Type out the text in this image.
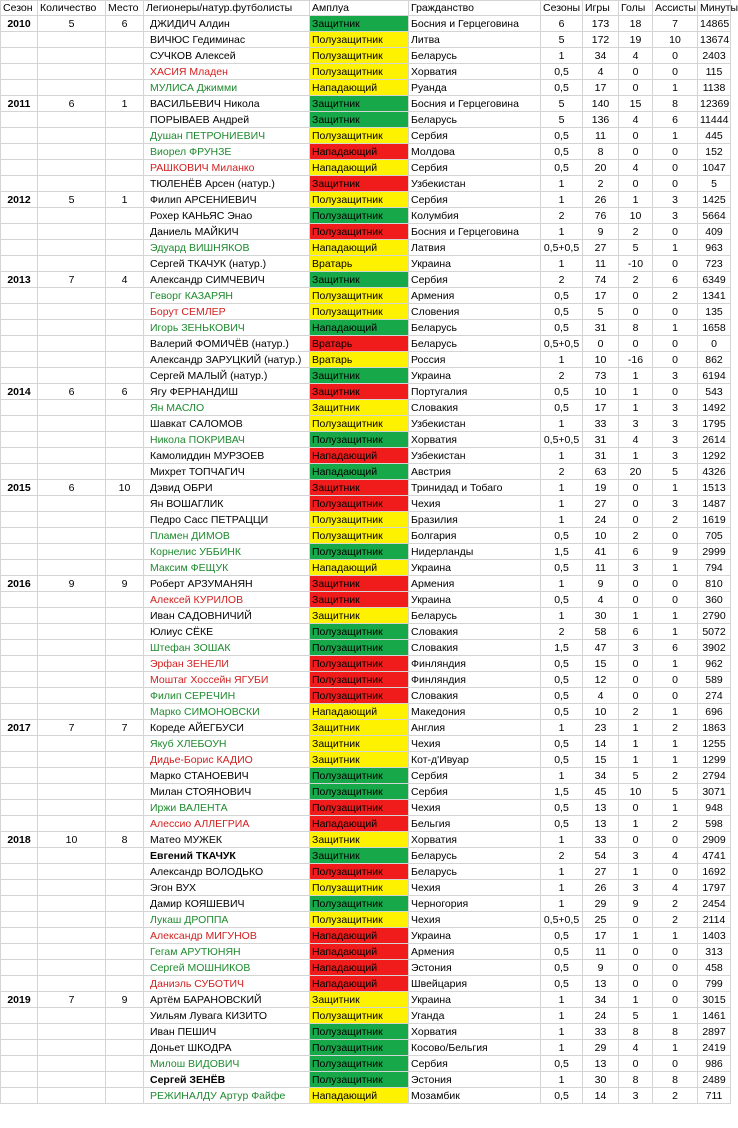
Сезон	Количество	Место	Легионеры/натур.футболисты	Амплуа	Гражданство	Сезоны	Игры	Голы	Ассисты	Минуты
2010	5	6	ДЖИДИЧ Алдин	Защитник	Босния и Герцеговина	6	173	18	7	14865
			ВИЧЮС Гедиминас	Полузащитник	Литва	5	172	19	10	13674
			СУЧКОВ Алексей	Полузащитник	Беларусь	1	34	4	0	2403
			ХАСИЯ Младен	Полузащитник	Хорватия	0,5	4	0	0	115
			МУЛИСА Джимми	Нападающий	Руанда	0,5	17	0	1	1138
2011	6	1	ВАСИЛЬЕВИЧ Никола	Защитник	Босния и Герцеговина	5	140	15	8	12369
			ПОРЫВАЕВ Андрей	Защитник	Беларусь	5	136	4	6	11444
			Душан ПЕТРОНИЕВИЧ	Полузащитник	Сербия	0,5	11	0	1	445
			Виорел ФРУНЗЕ	Нападающий	Молдова	0,5	8	0	0	152
			РАШКОВИЧ Миланко	Нападающий	Сербия	0,5	20	4	0	1047
			ТЮЛЕНЁВ Арсен (натур.)	Защитник	Узбекистан	1	2	0	0	5
2012	5	1	Филип АРСЕНИЕВИЧ	Полузащитник	Сербия	1	26	1	3	1425
			Рохер КАНЬЯС Энао	Полузащитник	Колумбия	2	76	10	3	5664
			Даниель МАЙКИЧ	Полузащитник	Босния и Герцеговина	1	9	2	0	409
			Эдуард ВИШНЯКОВ	Нападающий	Латвия	0,5+0,5	27	5	1	963
			Сергей ТКАЧУК (натур.)	Вратарь	Украина	1	11	-10	0	723
2013	7	4	Александр СИМЧЕВИЧ	Защитник	Сербия	2	74	2	6	6349
			Геворг КАЗАРЯН	Полузащитник	Армения	0,5	17	0	2	1341
			Борут СЕМЛЕР	Полузащитник	Словения	0,5	5	0	0	135
			Игорь ЗЕНЬКОВИЧ	Нападающий	Беларусь	0,5	31	8	1	1658
			Валерий ФОМИЧЁВ (натур.)	Вратарь	Беларусь	0,5+0,5	0	0	0	0
			Александр ЗАРУЦКИЙ (натур.)	Вратарь	Россия	1	10	-16	0	862
			Сергей МАЛЫЙ (натур.)	Защитник	Украина	2	73	1	3	6194
2014	6	6	Ягу ФЕРНАНДИШ	Защитник	Португалия	0,5	10	1	0	543
			Ян МАСЛО	Защитник	Словакия	0,5	17	1	3	1492
			Шавкат САЛОМОВ	Полузащитник	Узбекистан	1	33	3	3	1795
			Никола ПОКРИВАЧ	Полузащитник	Хорватия	0,5+0,5	31	4	3	2614
			Камолиддин МУРЗОЕВ	Нападающий	Узбекистан	1	31	1	3	1292
			Михрет ТОПЧАГИЧ	Нападающий	Австрия	2	63	20	5	4326
2015	6	10	Дэвид ОБРИ	Защитник	Тринидад и Тобаго	1	19	0	1	1513
			Ян ВОШАГЛИК	Полузащитник	Чехия	1	27	0	3	1487
			Педро Сасс ПЕТРАЦЦИ	Полузащитник	Бразилия	1	24	0	2	1619
			Пламен ДИМОВ	Полузащитник	Болгария	0,5	10	2	0	705
			Корнелис УББИНК	Полузащитник	Нидерланды	1,5	41	6	9	2999
			Максим ФЕЩУК	Нападающий	Украина	0,5	11	3	1	794
2016	9	9	Роберт АРЗУМАНЯН	Защитник	Армения	1	9	0	0	810
			Алексей КУРИЛОВ	Защитник	Украина	0,5	4	0	0	360
			Иван САДОВНИЧИЙ	Защитник	Беларусь	1	30	1	1	2790
			Юлиус СЁКЕ	Полузащитник	Словакия	2	58	6	1	5072
			Штефан ЗОШАК	Полузащитник	Словакия	1,5	47	3	6	3902
			Эрфан ЗЕНЕЛИ	Полузащитник	Финляндия	0,5	15	0	1	962
			Моштаг Хоссейн ЯГУБИ	Полузащитник	Финляндия	0,5	12	0	0	589
			Филип СЕРЕЧИН	Полузащитник	Словакия	0,5	4	0	0	274
			Марко СИМОНОВСКИ	Нападающий	Македония	0,5	10	2	1	696
2017	7	7	Кореде АЙЕГБУСИ	Защитник	Англия	1	23	1	2	1863
			Якуб ХЛЕБОУН	Защитник	Чехия	0,5	14	1	1	1255
			Дидье-Борис КАДИО	Защитник	Кот-д'Ивуар	0,5	15	1	1	1299
			Марко СТАНОЕВИЧ	Полузащитник	Сербия	1	34	5	2	2794
			Милан СТОЯНОВИЧ	Полузащитник	Сербия	1,5	45	10	5	3071
			Иржи ВАЛЕНТА	Полузащитник	Чехия	0,5	13	0	1	948
			Алессио АЛЛЕГРИА	Нападающий	Бельгия	0,5	13	1	2	598
2018	10	8	Матео МУЖЕК	Защитник	Хорватия	1	33	0	0	2909
			Евгений ТКАЧУК	Защитник	Беларусь	2	54	3	4	4741
			Александр ВОЛОДЬКО	Полузащитник	Беларусь	1	27	1	0	1692
			Эгон ВУХ	Полузащитник	Чехия	1	26	3	4	1797
			Дамир КОЯШЕВИЧ	Полузащитник	Черногория	1	29	9	2	2454
			Лукаш ДРОППА	Полузащитник	Чехия	0,5+0,5	25	0	2	2114
			Александр МИГУНОВ	Нападающий	Украина	0,5	17	1	1	1403
			Гегам АРУТЮНЯН	Нападающий	Армения	0,5	11	0	0	313
			Сергей МОШНИКОВ	Нападающий	Эстония	0,5	9	0	0	458
			Даниэль СУБОТИЧ	Нападающий	Швейцария	0,5	13	0	0	799
2019	7	9	Артём БАРАНОВСКИЙ	Защитник	Украина	1	34	1	0	3015
			Уильям Лувага КИЗИТО	Полузащитник	Уганда	1	24	5	1	1461
			Иван ПЕШИЧ	Полузащитник	Хорватия	1	33	8	8	2897
			Доньет ШКОДРА	Полузащитник	Косово/Бельгия	1	29	4	1	2419
			Милош ВИДОВИЧ	Полузащитник	Сербия	0,5	13	0	0	986
			Сергей ЗЕНЁВ	Полузащитник	Эстония	1	30	8	8	2489
			РЕЖИНАЛДУ Артур Файфе	Нападающий	Мозамбик	0,5	14	3	2	711
